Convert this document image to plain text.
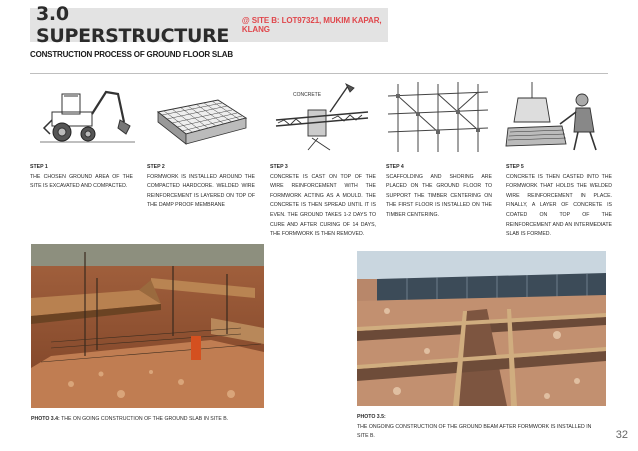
3.0 SUPERSTRUCTURE
@ SITE B: LOT97321, MUKIM KAPAR, KLANG
CONSTRUCTION PROCESS OF GROUND FLOOR SLAB
CONCRETE
STEP 1
THE CHOSEN GROUND AREA OF THE SITE IS EXCAVATED AND COMPACTED.
STEP 2
FORMWORK IS INSTALLED AROUND THE COMPACTED HARDCORE. WELDED WIRE REINFORCEMENT IS LAYERED ON TOP OF THE DAMP PROOF MEMBRANE
STEP 3
CONCRETE IS CAST ON TOP OF THE WIRE REINFORCEMENT WITH THE FORMWORK ACTING AS A MOULD. THE CONCRETE IS THEN SPREAD UNTIL IT IS EVEN. THE GROUND TAKES 1-2 DAYS TO CURE AND AFTER CURING OF 14 DAYS, THE FORMWORK IS THEN REMOVED.
STEP 4
SCAFFOLDING AND SHORING ARE PLACED ON THE GROUND FLOOR TO SUPPORT THE TIMBER CENTERING ON THE FIRST FLOOR IS INSTALLED ON THE TIMBER CENTERING.
STEP 5
CONCRETE IS THEN CASTED INTO THE FORMWORK THAT HOLDS THE WELDED WIRE REINFORCEMENT IN PLACE. FINALLY, A LAYER OF CONCRETE IS COATED ON TOP OF THE REINFORCEMENT AND AN INTERMEDIATE SLAB IS FORMED.
PHOTO 3.4: THE ON GOING CONSTRUCTION OF THE GROUND SLAB IN SITE B.	PHOTO 3.5:
THE ONGOING CONSTRUCTION OF THE GROUND BEAM AFTER FORMWORK IS INSTALLED IN SITE B.	32
